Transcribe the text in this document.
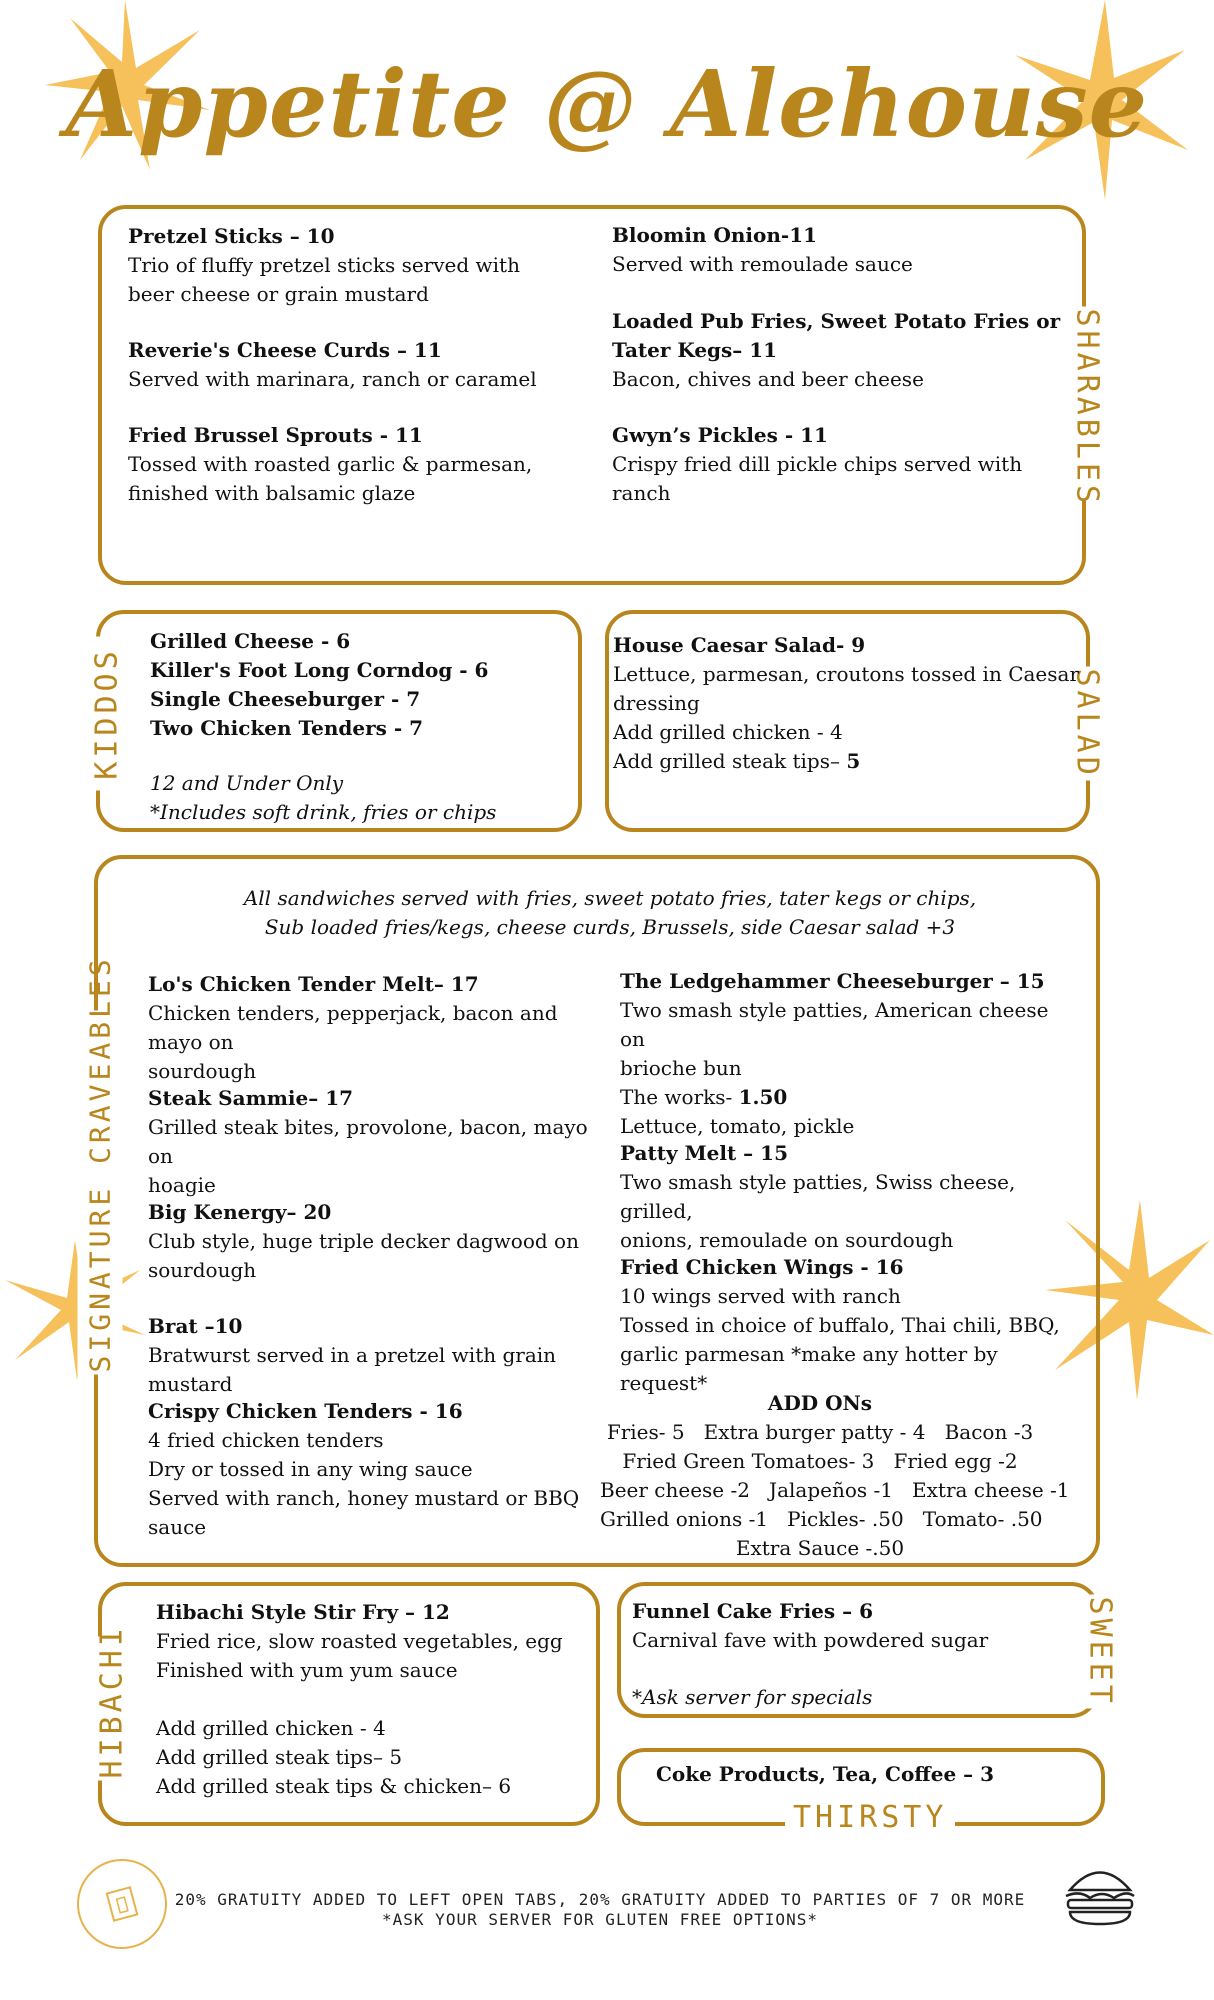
Appetite @ Alehouse
SHARABLES
Pretzel Sticks – 10
Trio of fluffy pretzel sticks served with
beer cheese or grain mustard
Reverie's Cheese Curds – 11
Served with marinara, ranch or caramel
Fried Brussel Sprouts - 11
Tossed with roasted garlic & parmesan,
finished with balsamic glaze
Bloomin Onion-11
Served with remoulade sauce
Loaded Pub Fries, Sweet Potato Fries or
Tater Kegs– 11
Bacon, chives and beer cheese
Gwyn’s Pickles - 11
Crispy fried dill pickle chips served with ranch
KIDDOS
Grilled Cheese - 6
Killer's Foot Long Corndog - 6
Single Cheeseburger - 7
Two Chicken Tenders - 7
12 and Under Only
*Includes soft drink, fries or chips
SALAD
House Caesar Salad- 9
Lettuce, parmesan, croutons tossed in Caesar
dressing
Add grilled chicken - 4
Add grilled steak tips– 5
SIGNATURE CRAVEABLES
All sandwiches served with fries, sweet potato fries, tater kegs or chips,
Sub loaded fries/kegs, cheese curds, Brussels, side Caesar salad +3
Lo's Chicken Tender Melt– 17
Chicken tenders, pepperjack, bacon and mayo on
sourdough
Steak Sammie– 17
Grilled steak bites, provolone, bacon, mayo on
hoagie
Big Kenergy– 20
Club style, huge triple decker dagwood on
sourdough
Brat –10
Bratwurst served in a pretzel with grain mustard
Crispy Chicken Tenders - 16
4 fried chicken tenders
Dry or tossed in any wing sauce
Served with ranch, honey mustard or BBQ sauce
The Ledgehammer Cheeseburger – 15
Two smash style patties, American cheese on
brioche bun
The works- 1.50
Lettuce, tomato, pickle
Patty Melt – 15
Two smash style patties, Swiss cheese, grilled,
onions, remoulade on sourdough
Fried Chicken Wings - 16
10 wings served with ranch
Tossed in choice of buffalo, Thai chili, BBQ,
garlic parmesan *make any hotter by request*
ADD ONs
Fries- 5   Extra burger patty - 4   Bacon -3
Fried Green Tomatoes- 3   Fried egg -2
Beer cheese -2   Jalapeños -1   Extra cheese -1
Grilled onions -1   Pickles- .50   Tomato- .50
Extra Sauce -.50
HIBACHI
Hibachi Style Stir Fry – 12
Fried rice, slow roasted vegetables, egg
Finished with yum yum sauce

Add grilled chicken - 4
Add grilled steak tips– 5
Add grilled steak tips & chicken– 6
SWEET
Funnel Cake Fries – 6
Carnival fave with powdered sugar
*Ask server for specials
Coke Products, Tea, Coffee – 3
THIRSTY
20% GRATUITY ADDED TO LEFT OPEN TABS, 20% GRATUITY ADDED TO PARTIES OF 7 OR MORE
*ASK YOUR SERVER FOR GLUTEN FREE OPTIONS*
